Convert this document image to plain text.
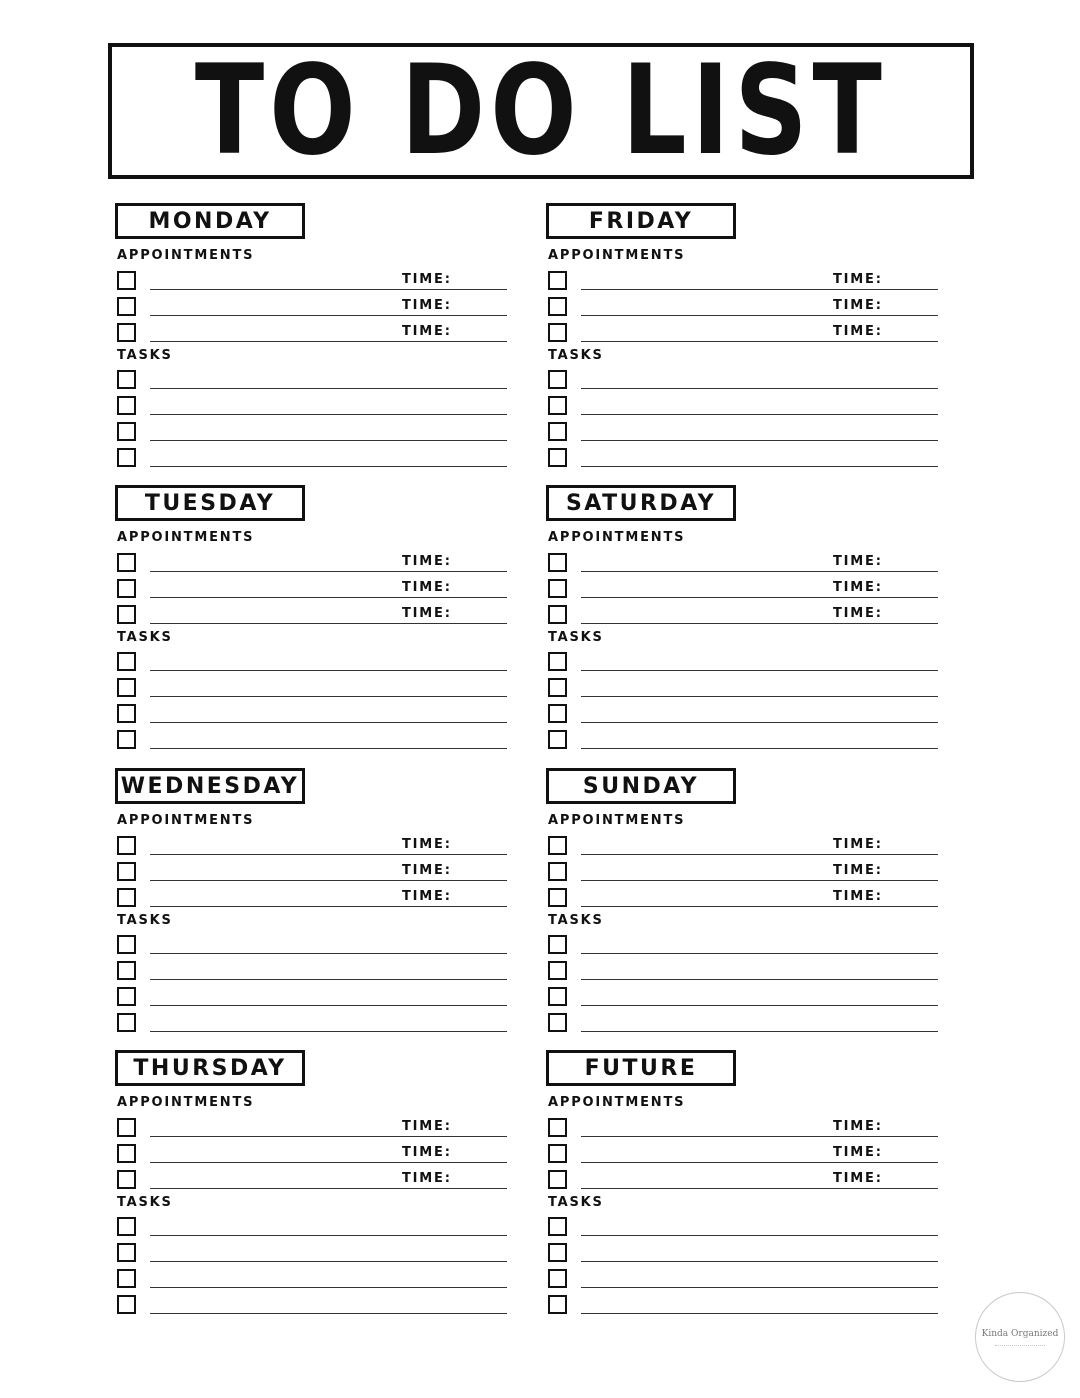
TO DO LIST
MONDAY
APPOINTMENTS
TIME:
TIME:
TIME:
TASKS
TUESDAY
APPOINTMENTS
TIME:
TIME:
TIME:
TASKS
WEDNESDAY
APPOINTMENTS
TIME:
TIME:
TIME:
TASKS
THURSDAY
APPOINTMENTS
TIME:
TIME:
TIME:
TASKS
FRIDAY
APPOINTMENTS
TIME:
TIME:
TIME:
TASKS
SATURDAY
APPOINTMENTS
TIME:
TIME:
TIME:
TASKS
SUNDAY
APPOINTMENTS
TIME:
TIME:
TIME:
TASKS
FUTURE
APPOINTMENTS
TIME:
TIME:
TIME:
TASKS
Kinda Organized
